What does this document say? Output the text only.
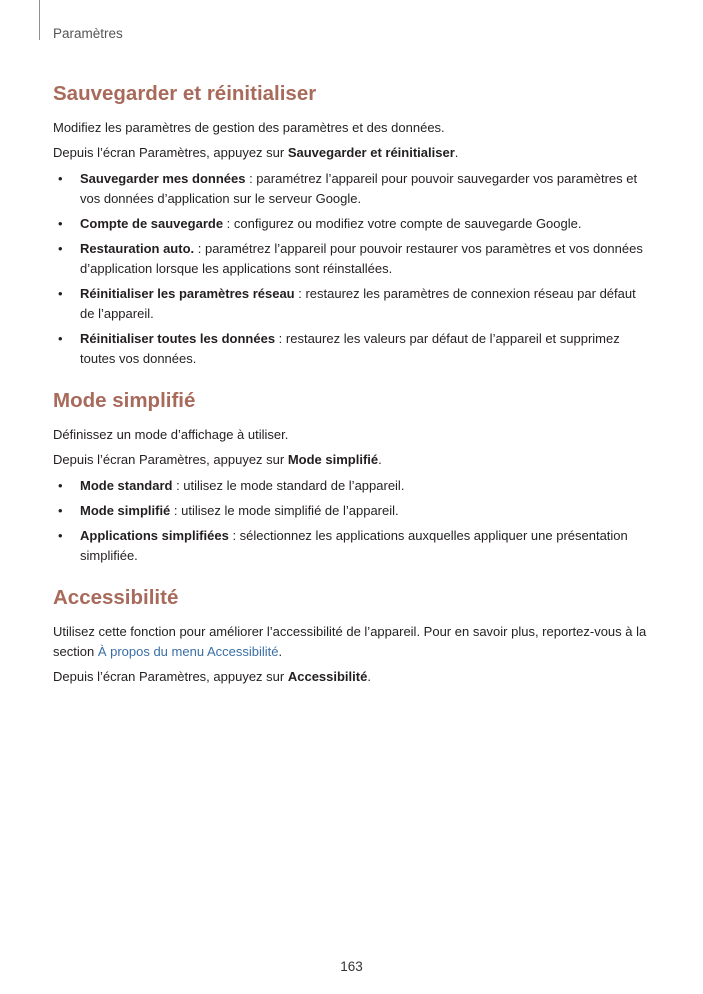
Paramètres
Sauvegarder et réinitialiser

Modifiez les paramètres de gestion des paramètres et des données.

Depuis l’écran Paramètres, appuyez sur Sauvegarder et réinitialiser.

• Sauvegarder mes données : paramétrez l’appareil pour pouvoir sauvegarder vos paramètres et vos données d’application sur le serveur Google.
• Compte de sauvegarde : configurez ou modifiez votre compte de sauvegarde Google.
• Restauration auto. : paramétrez l’appareil pour pouvoir restaurer vos paramètres et vos données d’application lorsque les applications sont réinstallées.
• Réinitialiser les paramètres réseau : restaurez les paramètres de connexion réseau par défaut de l’appareil.
• Réinitialiser toutes les données : restaurez les valeurs par défaut de l’appareil et supprimez toutes vos données.
Mode simplifié

Définissez un mode d’affichage à utiliser.

Depuis l’écran Paramètres, appuyez sur Mode simplifié.

• Mode standard : utilisez le mode standard de l’appareil.
• Mode simplifié : utilisez le mode simplifié de l’appareil.
• Applications simplifiées : sélectionnez les applications auxquelles appliquer une présentation simplifiée.
Accessibilité

Utilisez cette fonction pour améliorer l’accessibilité de l’appareil. Pour en savoir plus, reportez-vous à la section À propos du menu Accessibilité.

Depuis l’écran Paramètres, appuyez sur Accessibilité.

163
